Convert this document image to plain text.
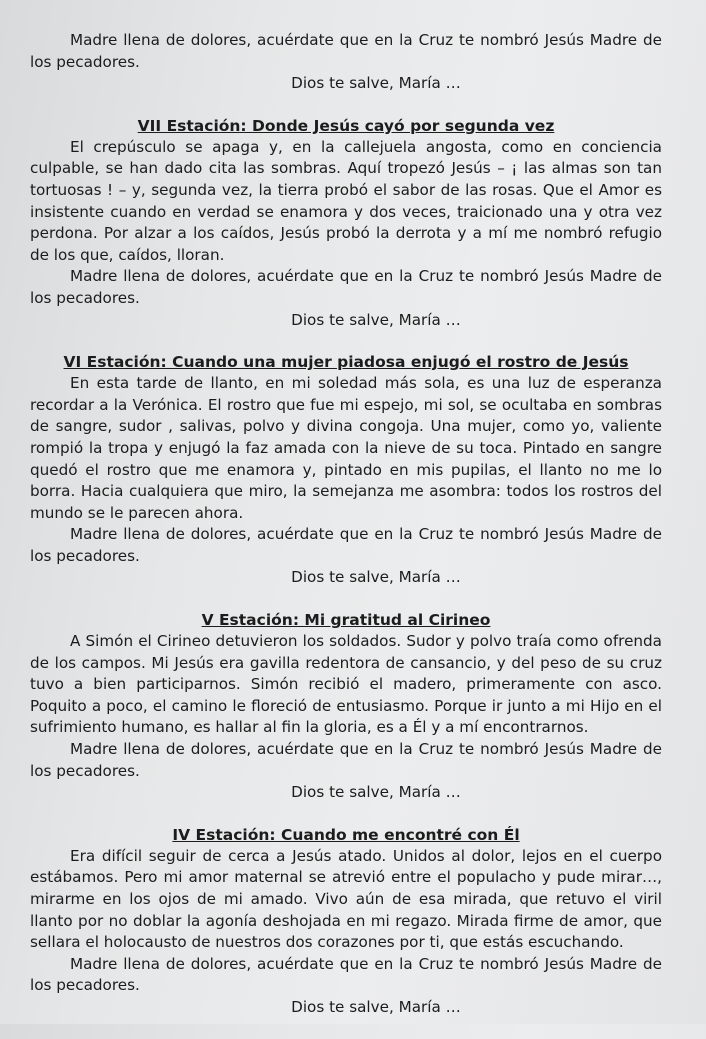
Madre llena de dolores, acuérdate que en la Cruz te nombró Jesús Madre de los pecadores.

Dios te salve, María …

VII Estación: Donde Jesús cayó por segunda vez

El crepúsculo se apaga y, en la callejuela angosta, como en conciencia culpable, se han dado cita las sombras. Aquí tropezó Jesús – ¡ las almas son tan tortuosas ! – y, segunda vez, la tierra probó el sabor de las rosas. Que el Amor es insistente cuando en verdad se enamora y dos veces, traicionado una y otra vez perdona. Por alzar a los caídos, Jesús probó la derrota y a mí me nombró refugio de los que, caídos, lloran.

Madre llena de dolores, acuérdate que en la Cruz te nombró Jesús Madre de los pecadores.

Dios te salve, María …

VI Estación: Cuando una mujer piadosa enjugó el rostro de Jesús

En esta tarde de llanto, en mi soledad más sola, es una luz de esperanza recordar a la Verónica. El rostro que fue mi espejo, mi sol, se ocultaba en sombras de sangre, sudor , salivas, polvo y divina congoja. Una mujer, como yo, valiente rompió la tropa y enjugó la faz amada con la nieve de su toca. Pintado en sangre quedó el rostro que me enamora y, pintado en mis pupilas, el llanto no me lo borra. Hacia cualquiera que miro, la semejanza me asombra: todos los rostros del mundo se le parecen ahora.

Madre llena de dolores, acuérdate que en la Cruz te nombró Jesús Madre de los pecadores.

Dios te salve, María …

V Estación: Mi gratitud al Cirineo

A Simón el Cirineo detuvieron los soldados. Sudor y polvo traía como ofrenda de los campos. Mi Jesús era gavilla redentora de cansancio, y del peso de su cruz tuvo a bien participarnos. Simón recibió el madero, primeramente con asco. Poquito a poco, el camino le floreció de entusiasmo. Porque ir junto a mi Hijo en el sufrimiento humano, es hallar al fin la gloria, es a Él y a mí encontrarnos.

Madre llena de dolores, acuérdate que en la Cruz te nombró Jesús Madre de los pecadores.

Dios te salve, María …

IV Estación: Cuando me encontré con Él

Era difícil seguir de cerca a Jesús atado. Unidos al dolor, lejos en el cuerpo estábamos. Pero mi amor maternal se atrevió entre el populacho y pude mirar…, mirarme en los ojos de mi amado. Vivo aún de esa mirada, que retuvo el viril llanto por no doblar la agonía deshojada en mi regazo. Mirada firme de amor, que sellara el holocausto de nuestros dos corazones por ti, que estás escuchando.

Madre llena de dolores, acuérdate que en la Cruz te nombró Jesús Madre de los pecadores.

Dios te salve, María …
